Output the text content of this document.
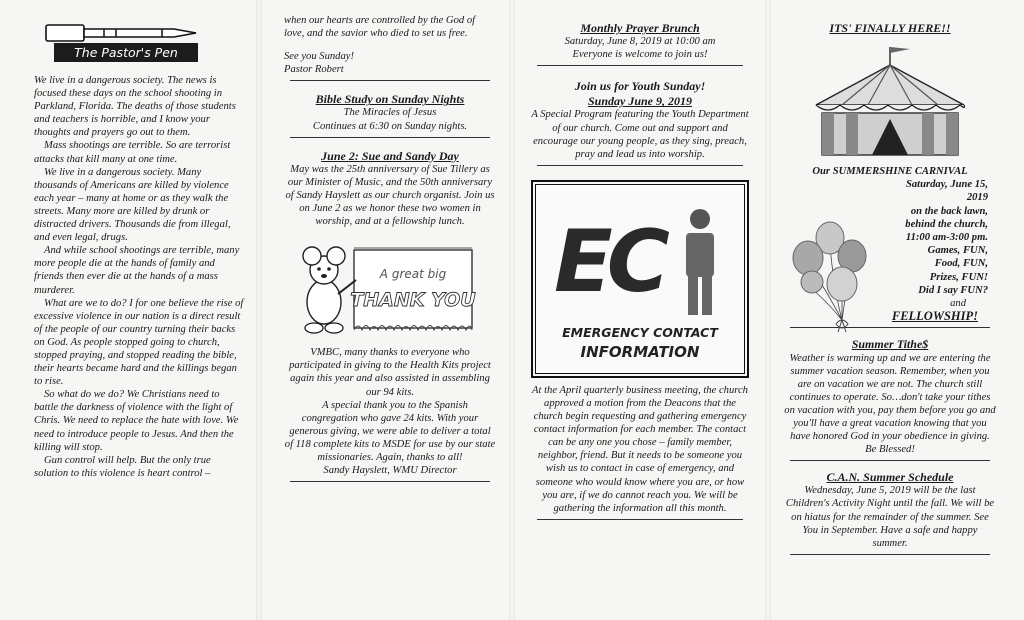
The Pastor's Pen

We live in a dangerous society. The news is focused these days on the school shooting in Parkland, Florida. The deaths of those students and teachers is horrible, and I know your thoughts and prayers go out to them.

Mass shootings are terrible. So are terrorist attacks that kill many at one time.

We live in a dangerous society. Many thousands of Americans are killed by violence each year – many at home or as they walk the streets. Many more are killed by drunk or distracted drivers. Thousands die from illegal, and even legal, drugs.

And while school shootings are terrible, many more people die at the hands of family and friends then ever die at the hands of a mass murderer.

What are we to do? I for one believe the rise of excessive violence in our nation is a direct result of the people of our country turning their backs on God. As people stopped going to church, stopped praying, and stopped reading the bible, their hearts became hard and the killings began to rise.

So what do we do? We Christians need to battle the darkness of violence with the light of Chris. We need to replace the hate with love. We need to introduce people to Jesus. And then the killing will stop.

Gun control will help. But the only true solution to this violence is heart control –

when our hearts are controlled by the God of love, and the savior who died to set us free.
See you Sunday!
Pastor Robert
Bible Study on Sunday Nights
The Miracles of Jesus
Continues at 6:30 on Sunday nights.
June 2: Sue and Sandy Day
May was the 25th anniversary of Sue Tillery as our Minister of Music, and the 50th anniversary of Sandy Hayslett as our church organist. Join us on June 2 as we honor these two women in worship, and at a fellowship lunch.
A great big
THANK YOU
VMBC, many thanks to everyone who participated in giving to the Health Kits project again this year and also assisted in assembling our 94 kits.
A special thank you to the Spanish congregation who gave 24 kits. With your generous giving, we were able to deliver a total of 118 complete kits to MSDE for use by our state missionaries. Again, thanks to all!
Sandy Hayslett, WMU Director
Monthly Prayer Brunch
Saturday, June 8, 2019 at 10:00 am
Everyone is welcome to join us!
Join us for Youth Sunday!
Sunday June 9, 2019
A Special Program featuring the Youth Department of our church. Come out and support and encourage our young people, as they sing, preach, pray and lead us into worship.
EC
EMERGENCY CONTACT
INFORMATION
At the April quarterly business meeting, the church approved a motion from the Deacons that the church begin requesting and gathering emergency contact information for each member. The contact can be any one you chose – family member, neighbor, friend. But it needs to be someone you wish us to contact in case of emergency, and someone who would know where you are, or how you are, if we do cannot reach you. We will be gathering the information all this month.
ITS' FINALLY HERE!!
Our SUMMERSHINE CARNIVAL
Saturday, June 15,
2019
on the back lawn,
behind the church,
11:00 am-3:00 pm.
Games, FUN,
Food, FUN,
Prizes, FUN!
Did I say FUN?
and
FELLOWSHIP!
Summer Tithe$
Weather is warming up and we are entering the summer vacation season. Remember, when you are on vacation we are not. The church still continues to operate. So…don't take your tithes on vacation with you, pay them before you go and you'll have a great vacation knowing that you have honored God in your obedience in giving. Be Blessed!
C.A.N. Summer Schedule
Wednesday, June 5, 2019 will be the last Children's Activity Night until the fall. We will be on hiatus for the remainder of the summer. See You in September. Have a safe and happy summer.
